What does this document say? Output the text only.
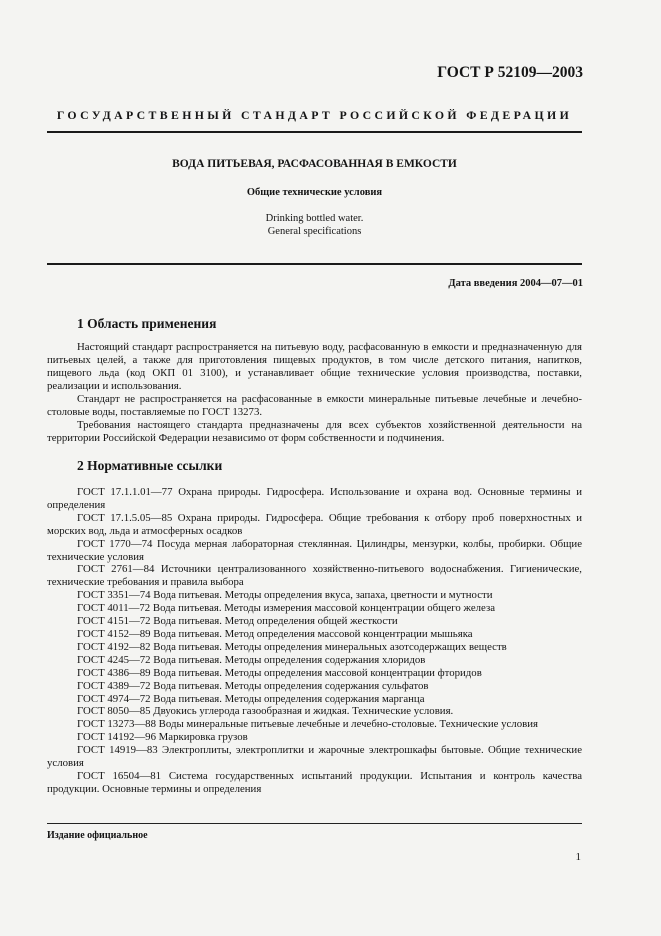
ГОСТ Р 52109—2003
ГОСУДАРСТВЕННЫЙ СТАНДАРТ РОССИЙСКОЙ ФЕДЕРАЦИИ
ВОДА ПИТЬЕВАЯ, РАСФАСОВАННАЯ В ЕМКОСТИ
Общие технические условия
Drinking bottled water.
General specifications
Дата введения 2004—07—01
1 Область применения

Настоящий стандарт распространяется на питьевую воду, расфасованную в емкости и предназначенную для питьевых целей, а также для приготовления пищевых продуктов, в том числе детского питания, напитков, пищевого льда (код ОКП 01 3100), и устанавливает общие технические условия производства, поставки, реализации и использования.

Стандарт не распространяется на расфасованные в емкости минеральные питьевые лечебные и лечебно-столовые воды, поставляемые по ГОСТ 13273.

Требования настоящего стандарта предназначены для всех субъектов хозяйственной деятельности на территории Российской Федерации независимо от форм собственности и подчинения.

2 Нормативные ссылки
ГОСТ 17.1.1.01—77 Охрана природы. Гидросфера. Использование и охрана вод. Основные термины и определения
ГОСТ 17.1.5.05—85 Охрана природы. Гидросфера. Общие требования к отбору проб поверхностных и морских вод, льда и атмосферных осадков
ГОСТ 1770—74 Посуда мерная лабораторная стеклянная. Цилиндры, мензурки, колбы, пробирки. Общие технические условия
ГОСТ 2761—84 Источники централизованного хозяйственно-питьевого водоснабжения. Гигиенические, технические требования и правила выбора
ГОСТ 3351—74 Вода питьевая. Методы определения вкуса, запаха, цветности и мутности
ГОСТ 4011—72 Вода питьевая. Методы измерения массовой концентрации общего железа
ГОСТ 4151—72 Вода питьевая. Метод определения общей жесткости
ГОСТ 4152—89 Вода питьевая. Метод определения массовой концентрации мышьяка
ГОСТ 4192—82 Вода питьевая. Методы определения минеральных азотсодержащих веществ
ГОСТ 4245—72 Вода питьевая. Методы определения содержания хлоридов
ГОСТ 4386—89 Вода питьевая. Методы определения массовой концентрации фторидов
ГОСТ 4389—72 Вода питьевая. Методы определения содержания сульфатов
ГОСТ 4974—72 Вода питьевая. Методы определения содержания марганца
ГОСТ 8050—85 Двуокись углерода газообразная и жидкая. Технические условия.
ГОСТ 13273—88 Воды минеральные питьевые лечебные и лечебно-столовые. Технические условия
ГОСТ 14192—96 Маркировка грузов
ГОСТ 14919—83 Электроплиты, электроплитки и жарочные электрошкафы бытовые. Общие технические условия
ГОСТ 16504—81 Система государственных испытаний продукции. Испытания и контроль качества продукции. Основные термины и определения
Издание официальное
1
